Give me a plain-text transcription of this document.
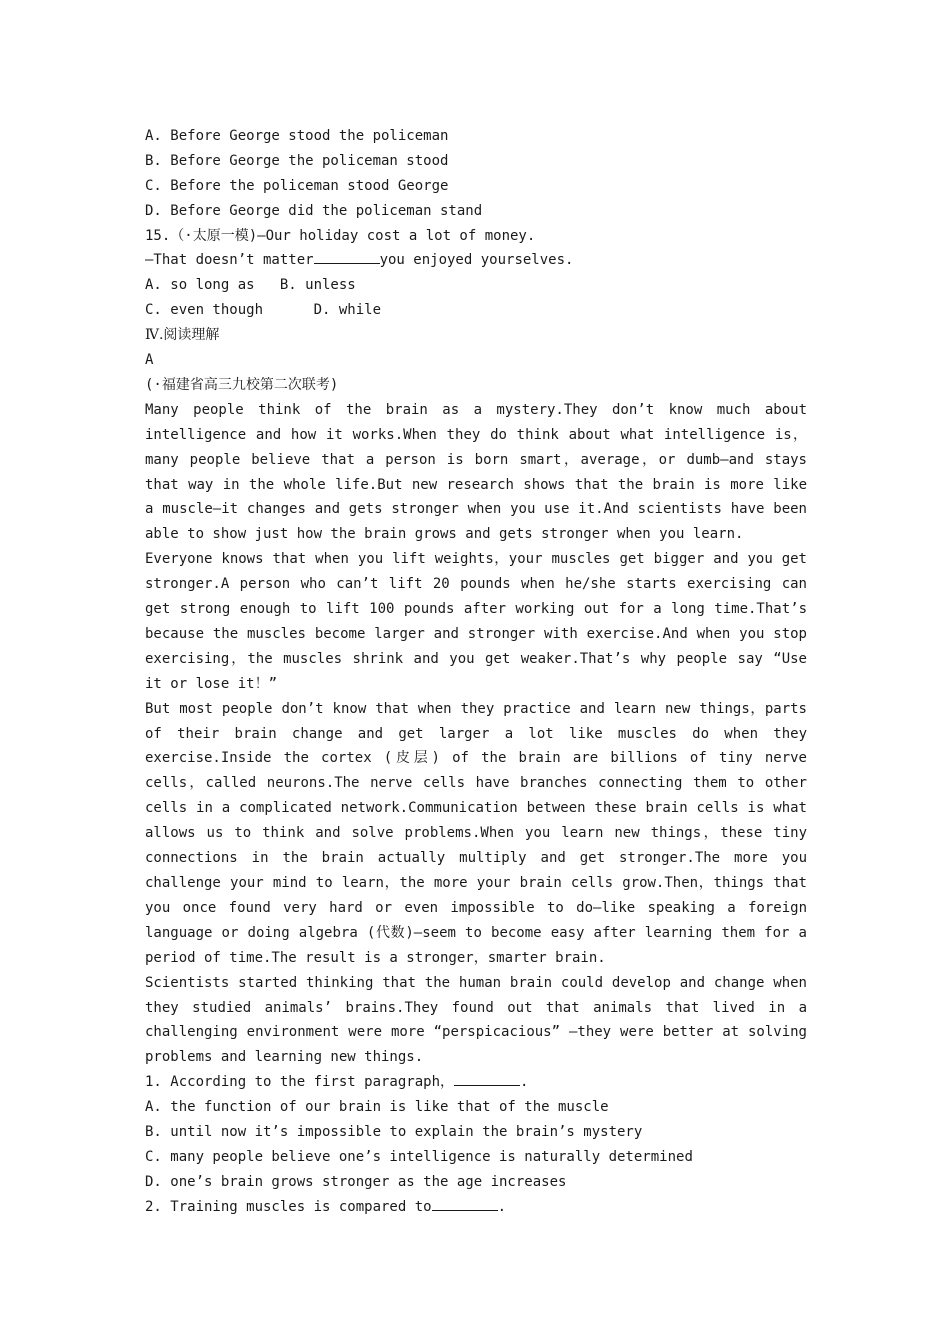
A. Before George stood the policeman
B. Before George the policeman stood
C. Before the policeman stood George
D. Before George did the policeman stand
15.（·太原一模)—Our holiday cost a lot of money.
—That doesn’t matter	you enjoyed yourselves.
A. so long as   B. unless
C. even though      D. while
Ⅳ.阅读理解
A
(·福建省高三九校第二次联考)
Many people think of the brain as a mystery.They don’t know much about intelligence and how it works.When they do think about what intelligence is，many people believe that a person is born smart，average，or dumb—and stays that way in the whole life.But new research shows that the brain is more like a muscle—it changes and gets stronger when you use it.And scientists have been able to show just how the brain grows and gets stronger when you learn.
Everyone knows that when you lift weights，your muscles get bigger and you get stronger.A person who can’t lift 20 pounds when he/she starts exercising can get strong enough to lift 100 pounds after working out for a long time.That’s because the muscles become larger and stronger with exercise.And when you stop exercising，the muscles shrink and you get weaker.That’s why people say “Use it or lose it！”
But most people don’t know that when they practice and learn new things，parts of their brain change and get larger a lot like muscles do when they exercise.Inside the cortex (皮层) of the brain are billions of tiny nerve cells，called neurons.The nerve cells have branches connecting them to other cells in a complicated network.Communication between these brain cells is what allows us to think and solve problems.When you learn new things，these tiny connections in the brain actually multiply and get stronger.The more you challenge your mind to learn，the more your brain cells grow.Then，things that you once found very hard or even impossible to do—like speaking a foreign language or doing algebra (代数)—seem to become easy after learning them for a period of time.The result is a stronger，smarter brain.
Scientists started thinking that the human brain could develop and change when they studied animals’ brains.They found out that animals that lived in a challenging environment were more “perspicacious” —they were better at solving problems and learning new things.
1. According to the first paragraph，	.
A. the function of our brain is like that of the muscle
B. until now it’s impossible to explain the brain’s mystery
C. many people believe one’s intelligence is naturally determined
D. one’s brain grows stronger as the age increases
2. Training muscles is compared to	.
